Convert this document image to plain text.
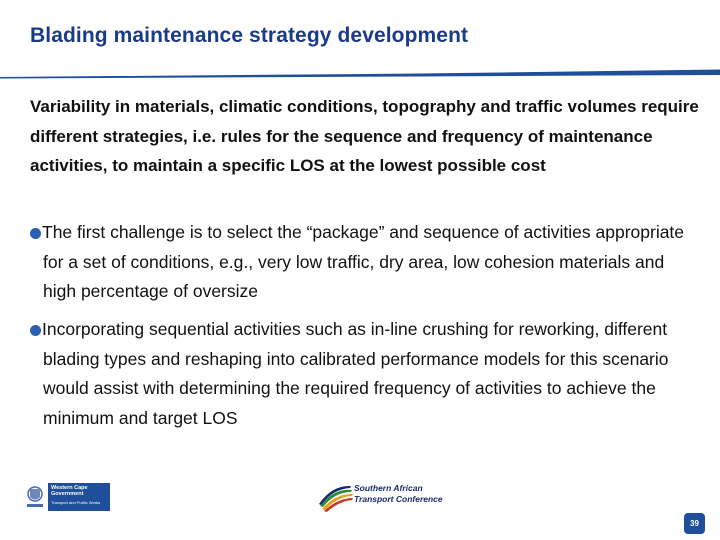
Blading maintenance strategy development

Variability in materials, climatic conditions, topography and traffic volumes require different strategies, i.e. rules for the sequence and frequency of maintenance activities, to maintain a specific LOS at the lowest possible cost

The first challenge is to select the “package” and sequence of activities appropriate for a set of conditions, e.g., very low traffic, dry area, low cohesion materials and high percentage of oversize
Incorporating sequential activities such as in-line crushing for reworking, different blading types and reshaping into calibrated performance models for this scenario would assist with determining the required frequency of activities to achieve the minimum and target LOS
Western Cape
Government
Transport and Public Works
Southern African
Transport Conference
39
